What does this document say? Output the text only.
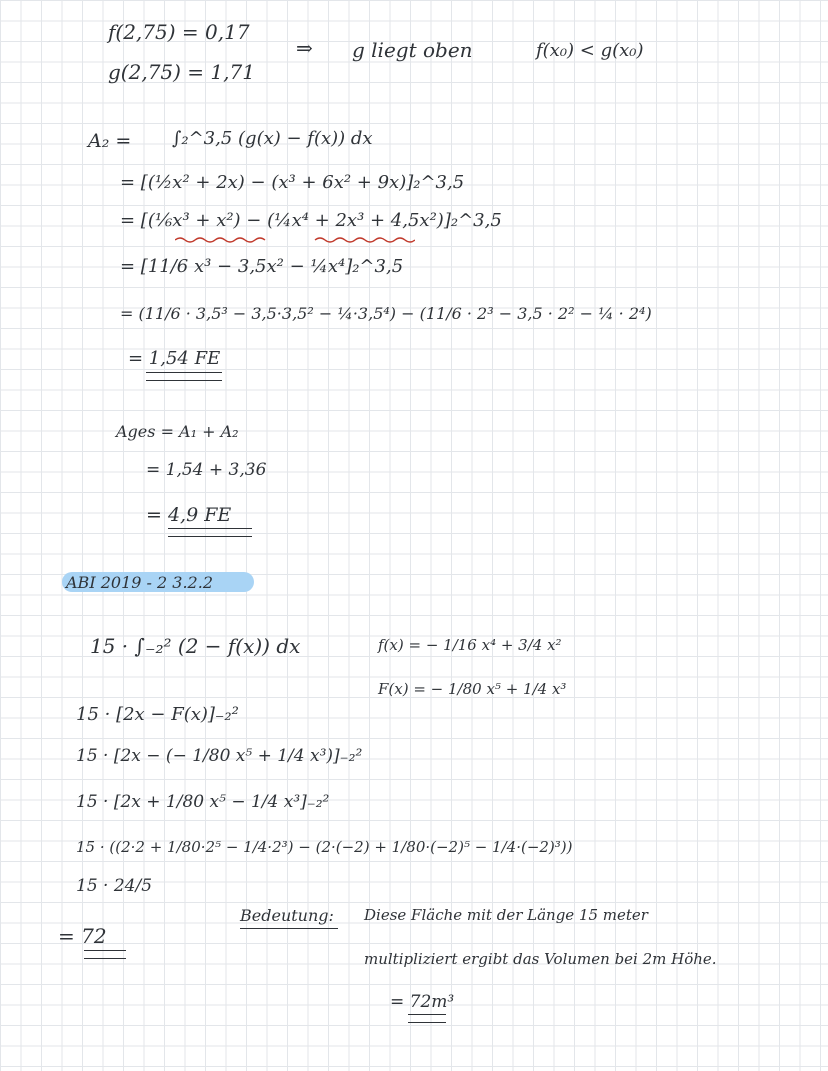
f(2,75) = 0,17
g(2,75) = 1,71
⇒ g liegt oben	f(x₀) < g(x₀)
A₂ = ∫₂^3,5 (g(x) − f(x)) dx
= [(½x² + 2x) − (x³ + 6x² + 9x)]₂^3,5
= [(⅙x³ + x²) − (¼x⁴ + 2x³ + 4,5x²)]₂^3,5
= [11/6 x³ − 3,5x² − ¼x⁴]₂^3,5
= (11/6 · 3,5³ − 3,5·3,5² − ¼·3,5⁴) − (11/6 · 2³ − 3,5 · 2² − ¼ · 2⁴)
= 1,54 FE
Ages = A₁ + A₂
= 1,54 + 3,36
= 4,9 FE
ABI 2019 - 2 3.2.2
15 · ∫₋₂² (2 − f(x)) dx	f(x) = − 1/16 x⁴ + 3/4 x²
F(x) = − 1/80 x⁵ + 1/4 x³
15 · [2x − F(x)]₋₂²
15 · [2x − (− 1/80 x⁵ + 1/4 x³)]₋₂²
15 · [2x + 1/80 x⁵ − 1/4 x³]₋₂²
15 · ((2·2 + 1/80·2⁵ − 1/4·2³) − (2·(−2) + 1/80·(−2)⁵ − 1/4·(−2)³))
15 · 24/5
= 72
Bedeutung: Diese Fläche mit der Länge 15 meter
multipliziert ergibt das Volumen bei 2m Höhe.
= 72m³
